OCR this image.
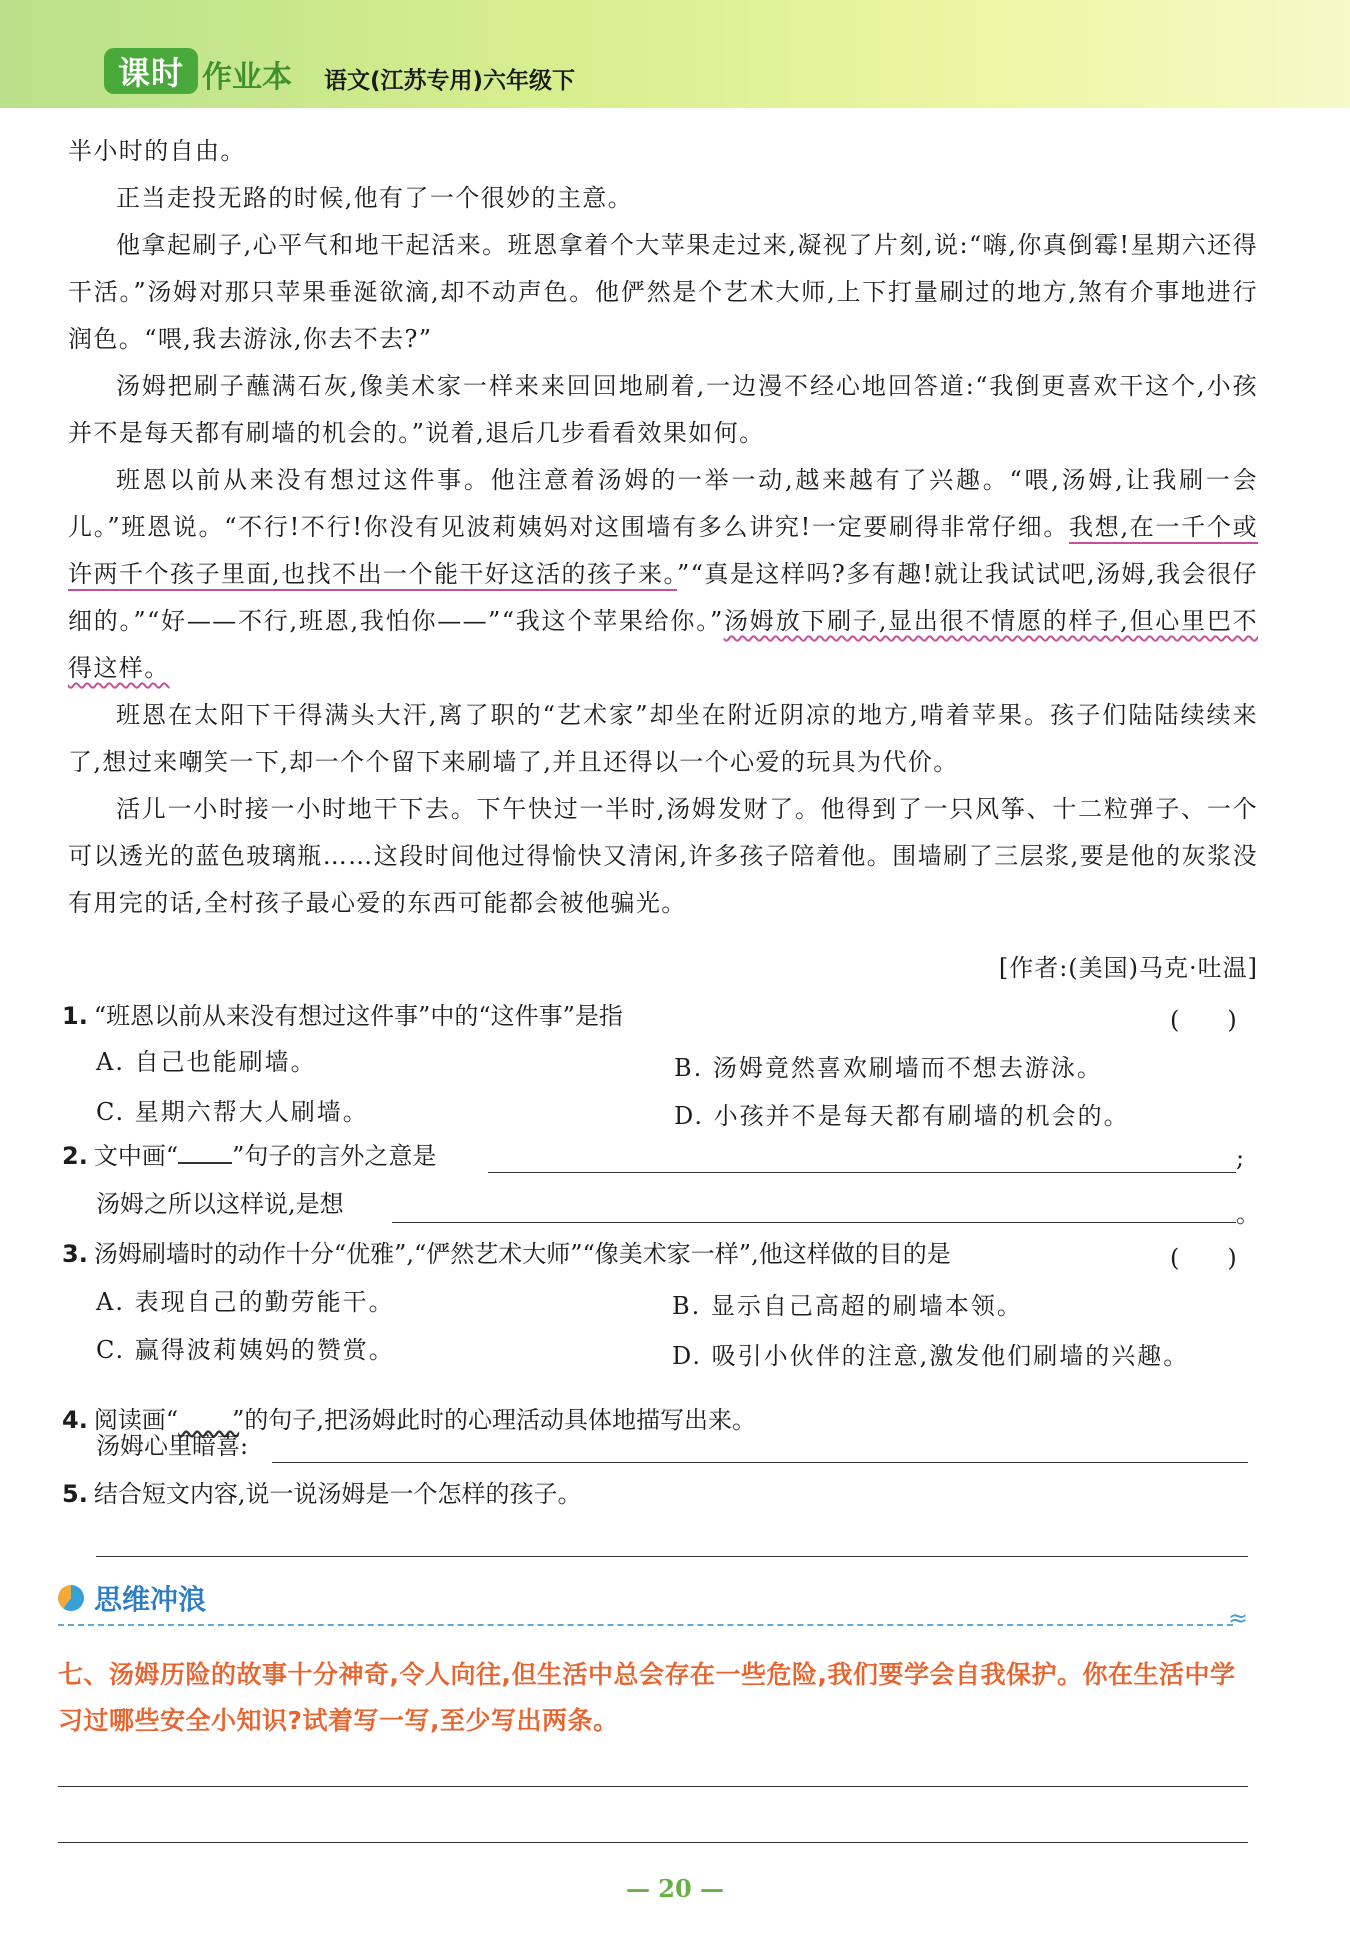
课时 作业本 语文(江苏专用)六年级下

半小时的自由。

正当走投无路的时候,他有了一个很妙的主意。

他拿起刷子,心平气和地干起活来。班恩拿着个大苹果走过来,凝视了片刻,说:“嗨,你真倒霉!星期六还得干活。”汤姆对那只苹果垂涎欲滴,却不动声色。他俨然是个艺术大师,上下打量刷过的地方,煞有介事地进行润色。“喂,我去游泳,你去不去?”

汤姆把刷子蘸满石灰,像美术家一样来来回回地刷着,一边漫不经心地回答道:“我倒更喜欢干这个,小孩并不是每天都有刷墙的机会的。”说着,退后几步看看效果如何。

班恩以前从来没有想过这件事。他注意着汤姆的一举一动,越来越有了兴趣。“喂,汤姆,让我刷一会儿。”班恩说。“不行!不行!你没有见波莉姨妈对这围墙有多么讲究!一定要刷得非常仔细。我想,在一千个或许两千个孩子里面,也找不出一个能干好这活的孩子来。”“真是这样吗?多有趣!就让我试试吧,汤姆,我会很仔细的。”“好——不行,班恩,我怕你——”“我这个苹果给你。”汤姆放下刷子,显出很不情愿的样子,但心里巴不得这样。

班恩在太阳下干得满头大汗,离了职的“艺术家”却坐在附近阴凉的地方,啃着苹果。孩子们陆陆续续来了,想过来嘲笑一下,却一个个留下来刷墙了,并且还得以一个心爱的玩具为代价。

活儿一小时接一小时地干下去。下午快过一半时,汤姆发财了。他得到了一只风筝、十二粒弹子、一个可以透光的蓝色玻璃瓶……这段时间他过得愉快又清闲,许多孩子陪着他。围墙刷了三层浆,要是他的灰浆没有用完的话,全村孩子最心爱的东西可能都会被他骗光。

[作者:(美国)马克·吐温]
1. “班恩以前从来没有想过这件事”中的“这件事”是指	(　　)
A. 自己也能刷墙。	B. 汤姆竟然喜欢刷墙而不想去游泳。
C. 星期六帮大人刷墙。	D. 小孩并不是每天都有刷墙的机会的。
2. 文中画“ ”句子的言外之意是	;
汤姆之所以这样说,是想	。
3. 汤姆刷墙时的动作十分“优雅”,“俨然艺术大师”“像美术家一样”,他这样做的目的是	(　　)
A. 表现自己的勤劳能干。	B. 显示自己高超的刷墙本领。
C. 赢得波莉姨妈的赞赏。	D. 吸引小伙伴的注意,激发他们刷墙的兴趣。
4. 阅读画“ ”的句子,把汤姆此时的心理活动具体地描写出来。
汤姆心里暗喜:
5. 结合短文内容,说一说汤姆是一个怎样的孩子。
思维冲浪
≈
七、汤姆历险的故事十分神奇,令人向往,但生活中总会存在一些危险,我们要学会自我保护。你在生活中学习过哪些安全小知识?试着写一写,至少写出两条。
— 20 —
